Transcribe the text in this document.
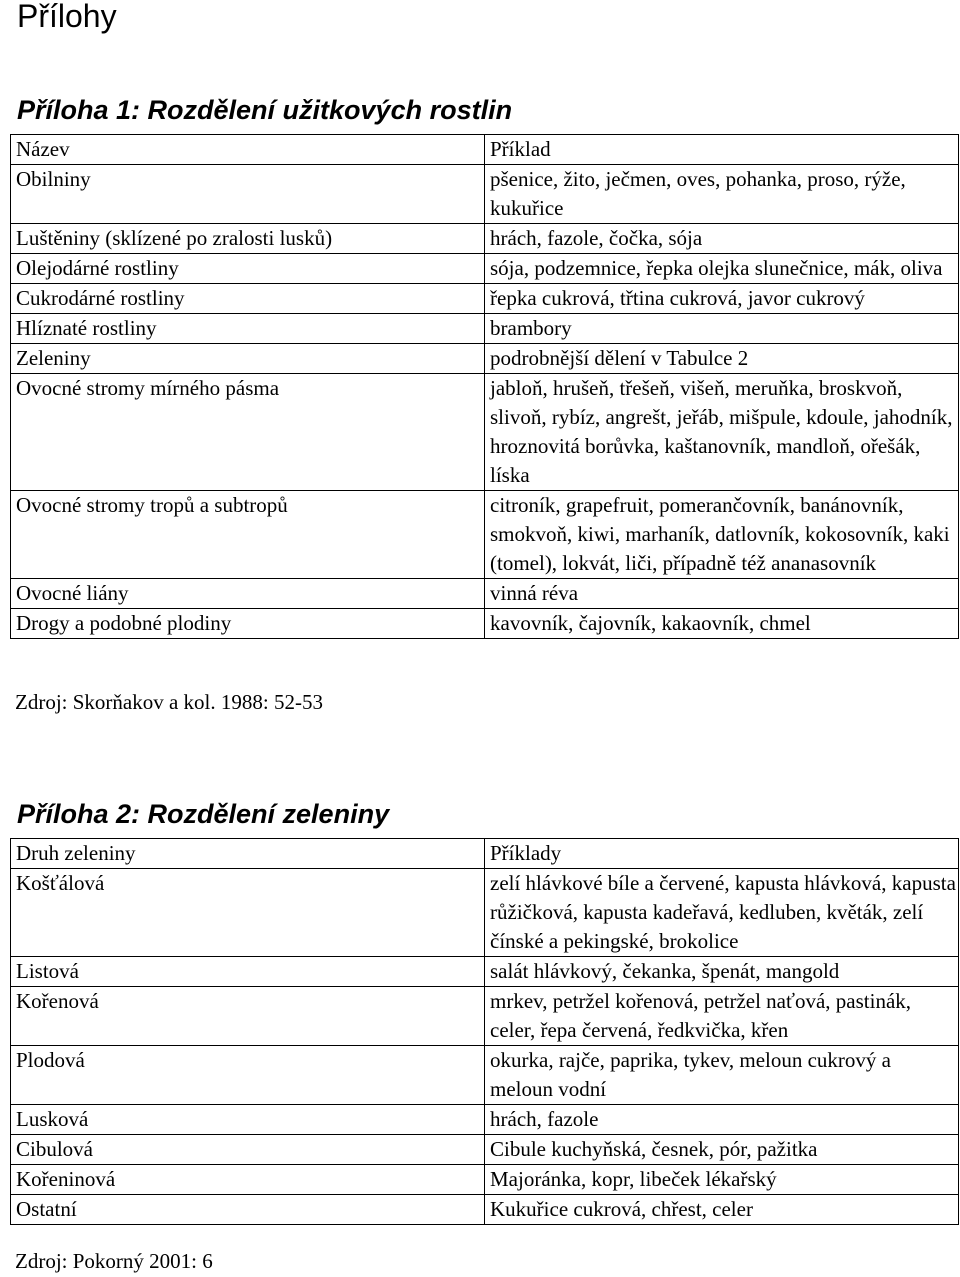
Přílohy
Příloha 1: Rozdělení užitkových rostlin
Název	Příklad
Obilniny	pšenice, žito, ječmen, oves, pohanka, proso, rýže, kukuřice
Luštěniny (sklízené po zralosti lusků)	hrách, fazole, čočka, sója
Olejodárné rostliny	sója, podzemnice, řepka olejka slunečnice, mák, oliva
Cukrodárné rostliny	řepka cukrová, třtina cukrová, javor cukrový
Hlíznaté rostliny	brambory
Zeleniny	podrobnější dělení v Tabulce 2
Ovocné stromy mírného pásma	jabloň, hrušeň, třešeň, višeň, meruňka, broskvoň, slivoň, rybíz, angrešt, jeřáb, mišpule, kdoule, jahodník, hroznovitá borůvka, kaštanovník, mandloň, ořešák, líska
Ovocné stromy tropů a subtropů	citroník, grapefruit, pomerančovník, banánovník, smokvoň, kiwi, marhaník, datlovník, kokosovník, kaki (tomel), lokvát, liči, případně též ananasovník
Ovocné liány	vinná réva
Drogy a podobné plodiny	kavovník, čajovník, kakaovník, chmel
Zdroj: Skorňakov a kol. 1988: 52-53
Příloha 2: Rozdělení zeleniny
Druh zeleniny	Příklady
Košťálová	zelí hlávkové bíle a červené, kapusta hlávková, kapusta růžičková, kapusta kadeřavá, kedluben, květák, zelí čínské a pekingské, brokolice
Listová	salát hlávkový, čekanka, špenát, mangold
Kořenová	mrkev, petržel kořenová, petržel naťová, pastinák, celer, řepa červená, ředkvička, křen
Plodová	okurka, rajče, paprika, tykev, meloun cukrový a meloun vodní
Lusková	hrách, fazole
Cibulová	Cibule kuchyňská, česnek, pór, pažitka
Kořeninová	Majoránka, kopr, libeček lékařský
Ostatní	Kukuřice cukrová, chřest, celer
Zdroj: Pokorný 2001: 6
